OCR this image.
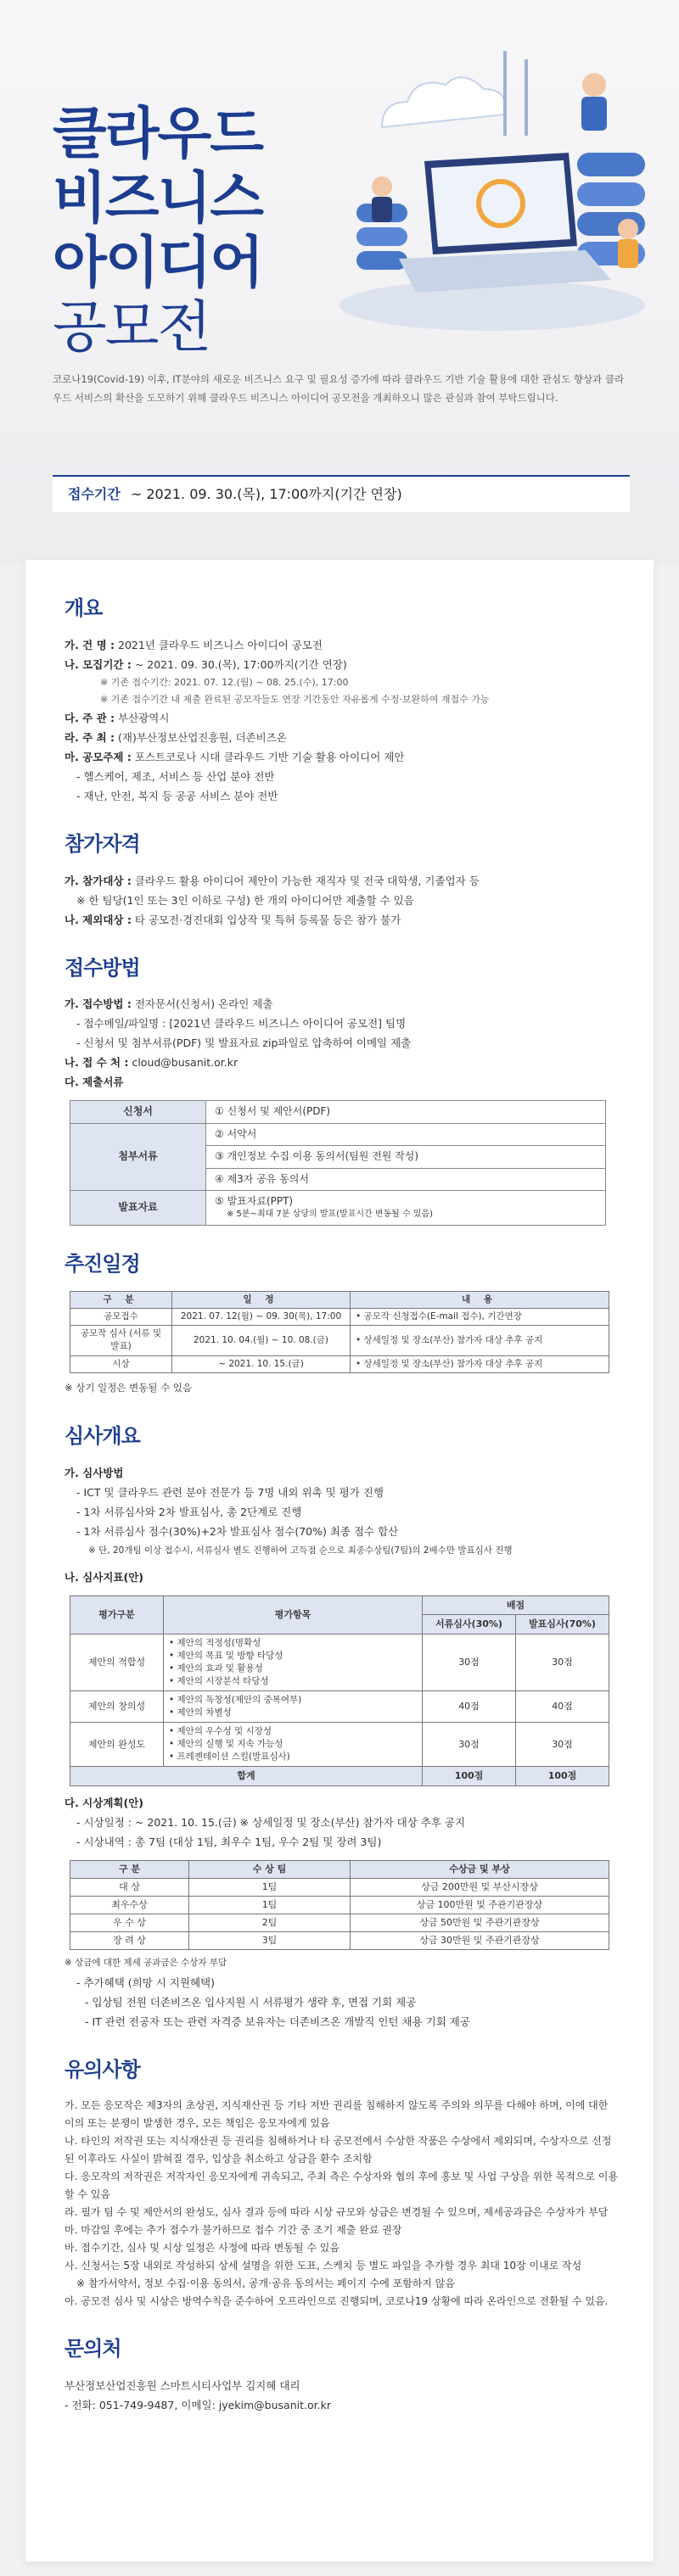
클라우드
비즈니스
아이디어
공모전

코로나19(Covid-19) 이후, IT분야의 새로운 비즈니스 요구 및 필요성 증가에 따라 클라우드 기반 기술 활용에 대한 관심도 향상과 클라우드 서비스의 확산을 도모하기 위해 클라우드 비즈니스 아이디어 공모전을 개최하오니 많은 관심과 참여 부탁드립니다.

접수기간 ~ 2021. 09. 30.(목), 17:00까지(기간 연장)
개요
가. 건 명 : 2021년 클라우드 비즈니스 아이디어 공모전
나. 모집기간 : ~ 2021. 09. 30.(목), 17:00까지(기간 연장)
※ 기존 접수기간: 2021. 07. 12.(월) ~ 08. 25.(수), 17:00
※ 기존 접수기간 내 제출 완료된 공모자들도 연장 기간동안 자유롭게 수정·보완하여 재접수 가능
다. 주 관 : 부산광역시
라. 주 최 : (재)부산정보산업진흥원, 더존비즈온
마. 공모주제 : 포스트코로나 시대 클라우드 기반 기술 활용 아이디어 제안
- 헬스케어, 제조, 서비스 등 산업 분야 전반
- 재난, 안전, 복지 등 공공 서비스 분야 전반
참가자격
가. 참가대상 : 클라우드 활용 아이디어 제안이 가능한 재직자 및 전국 대학생, 기졸업자 등
※ 한 팀당(1인 또는 3인 이하로 구성) 한 개의 아이디어만 제출할 수 있음
나. 제외대상 : 타 공모전·경진대회 입상작 및 특허 등록물 등은 참가 불가
접수방법
가. 접수방법 : 전자문서(신청서) 온라인 제출
- 접수메일/파일명 : [2021년 클라우드 비즈니스 아이디어 공모전] 팀명
- 신청서 및 첨부서류(PDF) 및 발표자료 zip파일로 압축하여 이메일 제출
나. 접 수 처 : cloud@busanit.or.kr
다. 제출서류
신청서	① 신청서 및 제안서(PDF)
첨부서류	② 서약서
	③ 개인정보 수집 이용 동의서(팀원 전원 작성)
	④ 제3자 공유 동의서
발표자료	⑤ 발표자료(PPT)
※ 5분~최대 7분 상당의 발표(발표시간 변동될 수 있음)
추진일정
구 분	일 정	내 용
공모접수	2021. 07. 12(월) ~ 09. 30(목), 17:00	• 공모작 신청접수(E-mail 접수), 기간연장
공모작 심사 (서류 및 발표)	2021. 10. 04.(월) ~ 10. 08.(금)	• 상세일정 및 장소(부산) 참가자 대상 추후 공지
시상	~ 2021. 10. 15.(금)	• 상세일정 및 장소(부산) 참가자 대상 추후 공지
※ 상기 일정은 변동될 수 있음
심사개요
가. 심사방법
- ICT 및 클라우드 관련 분야 전문가 등 7명 내외 위촉 및 평가 진행
- 1차 서류심사와 2차 발표심사, 총 2단계로 진행
- 1차 서류심사 점수(30%)+2차 발표심사 점수(70%) 최종 점수 합산
※ 단, 20개팀 이상 접수시, 서류심사 별도 진행하여 고득점 순으로 최종수상팀(7팀)의 2배수만 발표심사 진행
나. 심사지표(안)
평가구분	평가항목	배점	
		서류심사(30%)	발표심사(70%)
제안의 적합성	• 제안의 적정성(명확성
• 제안의 목표 및 방향 타당성
• 제안의 효과 및 활용성
• 제안의 시장분석 타당성	30점	30점
제안의 창의성	• 제안의 독창성(제안의 중복여부)
• 제안의 차별성	40점	40점
제안의 완성도	• 제안의 우수성 및 시장성
• 제안의 실행 및 지속 가능성
• 프레젠테이션 스킬(발표심사)	30점	30점
합계		100점	100점
다. 시상계획(안)
- 시상일정 : ~ 2021. 10. 15.(금) ※ 상세일정 및 장소(부산) 참가자 대상 추후 공지
- 시상내역 : 총 7팀 (대상 1팀, 최우수 1팀, 우수 2팀 및 장려 3팀)
구 분	수 상 팀	수상금 및 부상
대 상	1팀	상금 200만원 및 부산시장상
최우수상	1팀	상금 100만원 및 주관기관장상
우 수 상	2팀	상금 50만원 및 주관기관장상
장 려 상	3팀	상금 30만원 및 주관기관장상
※ 상금에 대한 제세 공과금은 수상자 부담
- 추가혜택 (희망 시 지원혜택)
- 입상팀 전원 더존비즈온 입사지원 시 서류평가 생략 후, 면접 기회 제공
- IT 관련 전공자 또는 관련 자격증 보유자는 더존비즈온 개발직 인턴 채용 기회 제공
유의사항
가. 모든 응모작은 제3자의 초상권, 지식재산권 등 기타 저반 권리를 침해하지 않도록 주의와 의무를 다해야 하며, 이에 대한 이의 또는 분쟁이 발생한 경우, 모든 책임은 응모자에게 있음
나. 타인의 저작권 또는 지식재산권 등 권리를 침해하거나 타 공모전에서 수상한 작품은 수상에서 제외되며, 수상자으로 선정된 이후라도 사실이 밝혀질 경우, 입상을 취소하고 상금을 환수 조치함
다. 응모작의 저작권은 저작자인 응모자에게 귀속되고, 주최 측은 수상자와 협의 후에 홍보 및 사업 구상을 위한 목적으로 이용할 수 있음
라. 필가 팀 수 및 제안서의 완성도, 심사 결과 등에 따라 시상 규모와 상금은 변경될 수 있으며, 제세공과금은 수상자가 부담
마. 마감일 후에는 추가 접수가 불가하므로 접수 기간 중 조기 제출 완료 권장
바. 접수기간, 심사 및 시상 일정은 사정에 따라 변동될 수 있음
사. 신청서는 5장 내외로 작성하되 상세 설명을 위한 도표, 스케치 등 별도 파일을 추가할 경우 최대 10장 이내로 작성
※ 참가서약서, 정보 수집·이용 동의서, 공개·공유 동의서는 페이지 수에 포함하지 않음
아. 공모전 심사 및 시상은 방역수칙을 준수하여 오프라인으로 진행되며, 코로나19 상황에 따라 온라인으로 전환될 수 있음.
문의처
부산정보산업진흥원 스마트시티사업부 김지혜 대리
- 전화: 051-749-9487, 이메일: jyekim@busanit.or.kr
